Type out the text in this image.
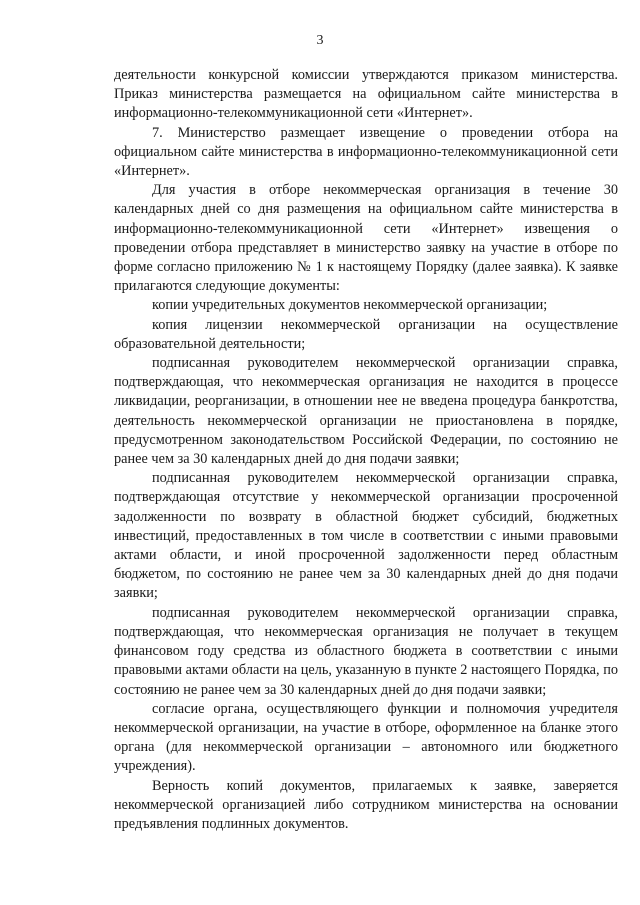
3

деятельности конкурсной комиссии утверждаются приказом министерства. Приказ министерства размещается на официальном сайте министерства в информационно-телекоммуникационной сети «Интернет».

7. Министерство размещает извещение о проведении отбора на официальном сайте министерства в информационно-телекоммуникационной сети «Интернет».

Для участия в отборе некоммерческая организация в течение 30 календарных дней со дня размещения на официальном сайте министерства в информационно-телекоммуникационной сети «Интернет» извещения о проведении отбора представляет в министерство заявку на участие в отборе по форме согласно приложению № 1 к настоящему Порядку (далее заявка). К заявке прилагаются следующие документы:

копии учредительных документов некоммерческой организации;

копия лицензии некоммерческой организации на осуществление образовательной деятельности;

подписанная руководителем некоммерческой организации справка, подтверждающая, что некоммерческая организация не находится в процессе ликвидации, реорганизации, в отношении нее не введена процедура банкротства, деятельность некоммерческой организации не приостановлена в порядке, предусмотренном законодательством Российской Федерации, по состоянию не ранее чем за 30 календарных дней до дня подачи заявки;

подписанная руководителем некоммерческой организации справка, подтверждающая отсутствие у некоммерческой организации просроченной задолженности по возврату в областной бюджет субсидий, бюджетных инвестиций, предоставленных в том числе в соответствии с иными правовыми актами области, и иной просроченной задолженности перед областным бюджетом, по состоянию не ранее чем за 30 календарных дней до дня подачи заявки;

подписанная руководителем некоммерческой организации справка, подтверждающая, что некоммерческая организация не получает в текущем финансовом году средства из областного бюджета в соответствии с иными правовыми актами области на цель, указанную в пункте 2 настоящего Порядка, по состоянию не ранее чем за 30 календарных дней до дня подачи заявки;

согласие органа, осуществляющего функции и полномочия учредителя некоммерческой организации, на участие в отборе, оформленное на бланке этого органа (для некоммерческой организации – автономного или бюджетного учреждения).

Верность копий документов, прилагаемых к заявке, заверяется некоммерческой организацией либо сотрудником министерства на основании предъявления подлинных документов.
